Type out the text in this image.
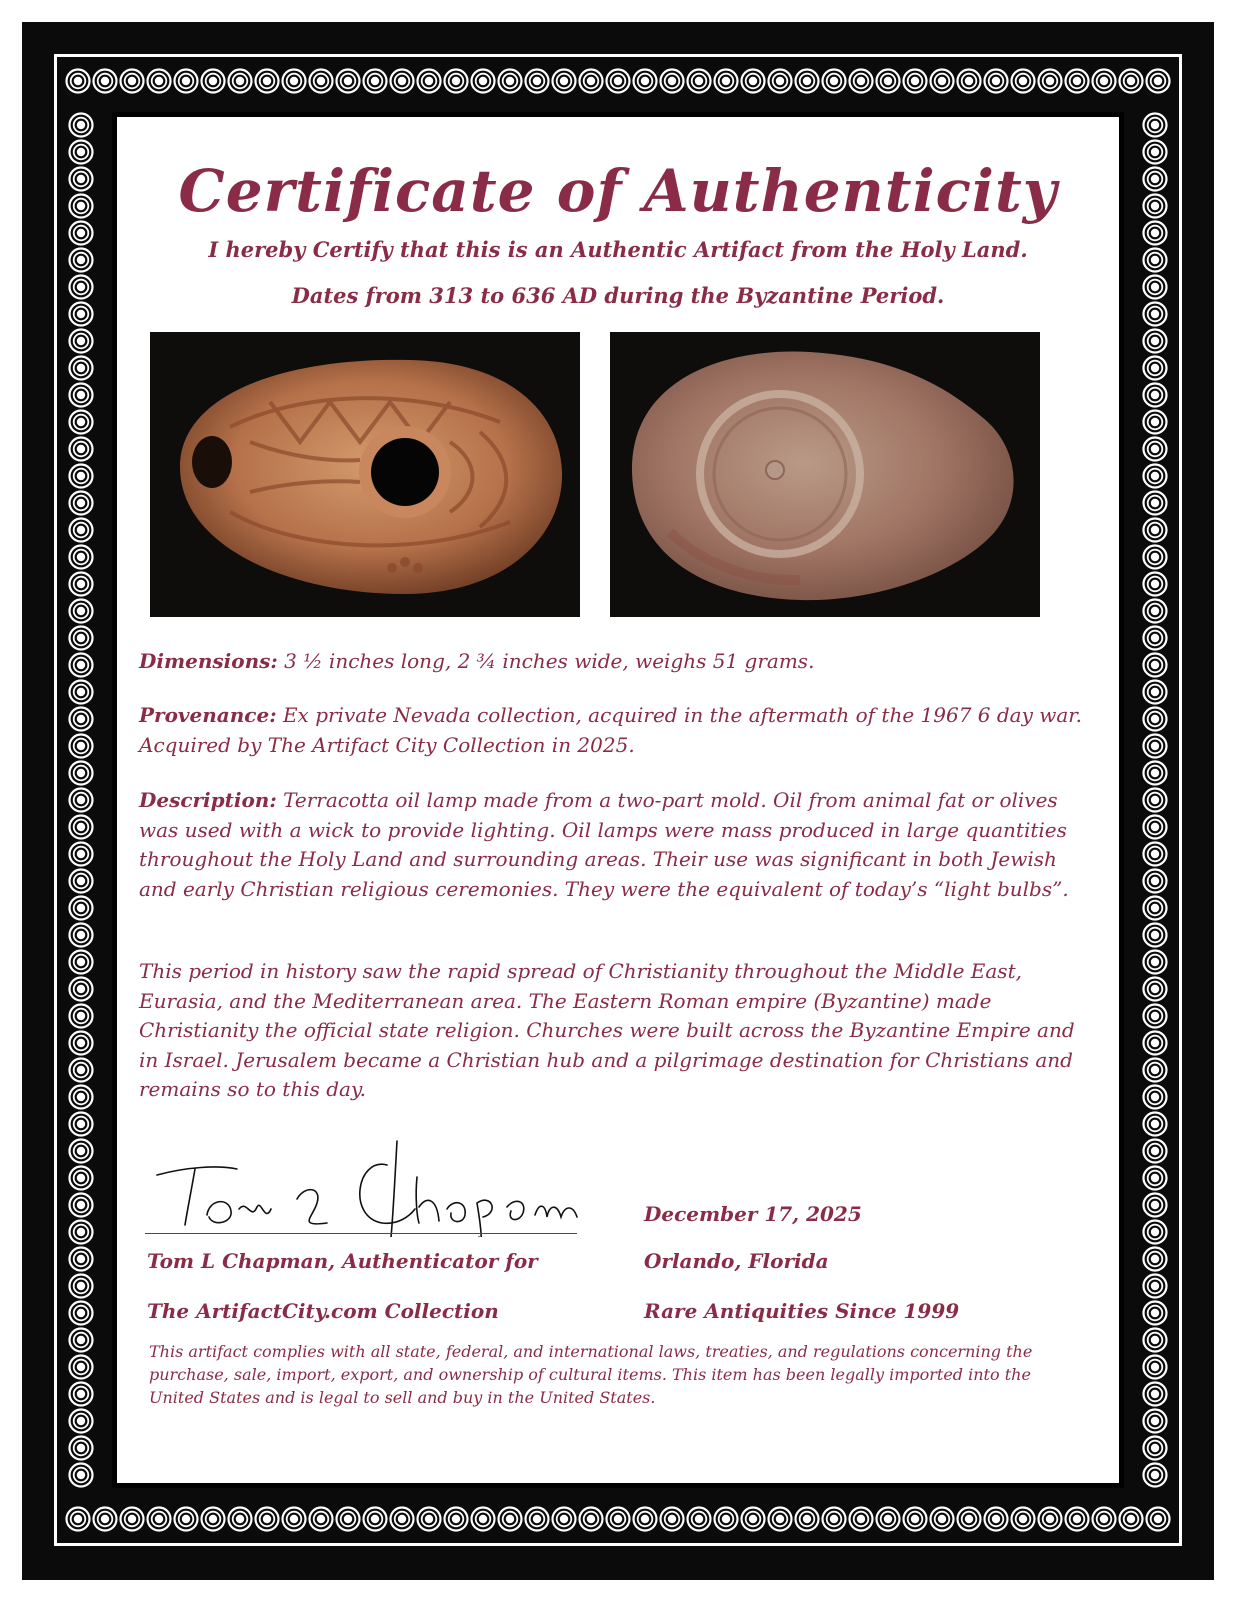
Certificate of Authenticity
I hereby Certify that this is an Authentic Artifact from the Holy Land.
Dates from 313 to 636 AD during the Byzantine Period.
Dimensions: 3 ½ inches long, 2 ¾ inches wide, weighs 51 grams.
Provenance: Ex private Nevada collection, acquired in the aftermath of the 1967 6 day war. Acquired by The Artifact City Collection in 2025.
Description: Terracotta oil lamp made from a two-part mold. Oil from animal fat or olives was used with a wick to provide lighting. Oil lamps were mass produced in large quantities throughout the Holy Land and surrounding areas. Their use was significant in both Jewish and early Christian religious ceremonies. They were the equivalent of today’s “light bulbs”.
This period in history saw the rapid spread of Christianity throughout the Middle East, Eurasia, and the Mediterranean area. The Eastern Roman empire (Byzantine) made Christianity the official state religion. Churches were built across the Byzantine Empire and in Israel. Jerusalem became a Christian hub and a pilgrimage destination for Christians and remains so to this day.
Tom L Chapman
Tom L Chapman, Authenticator for
The ArtifactCity.com Collection
December 17, 2025
Orlando, Florida
Rare Antiquities Since 1999
This artifact complies with all state, federal, and international laws, treaties, and regulations concerning the purchase, sale, import, export, and ownership of cultural items. This item has been legally imported into the United States and is legal to sell and buy in the United States.
